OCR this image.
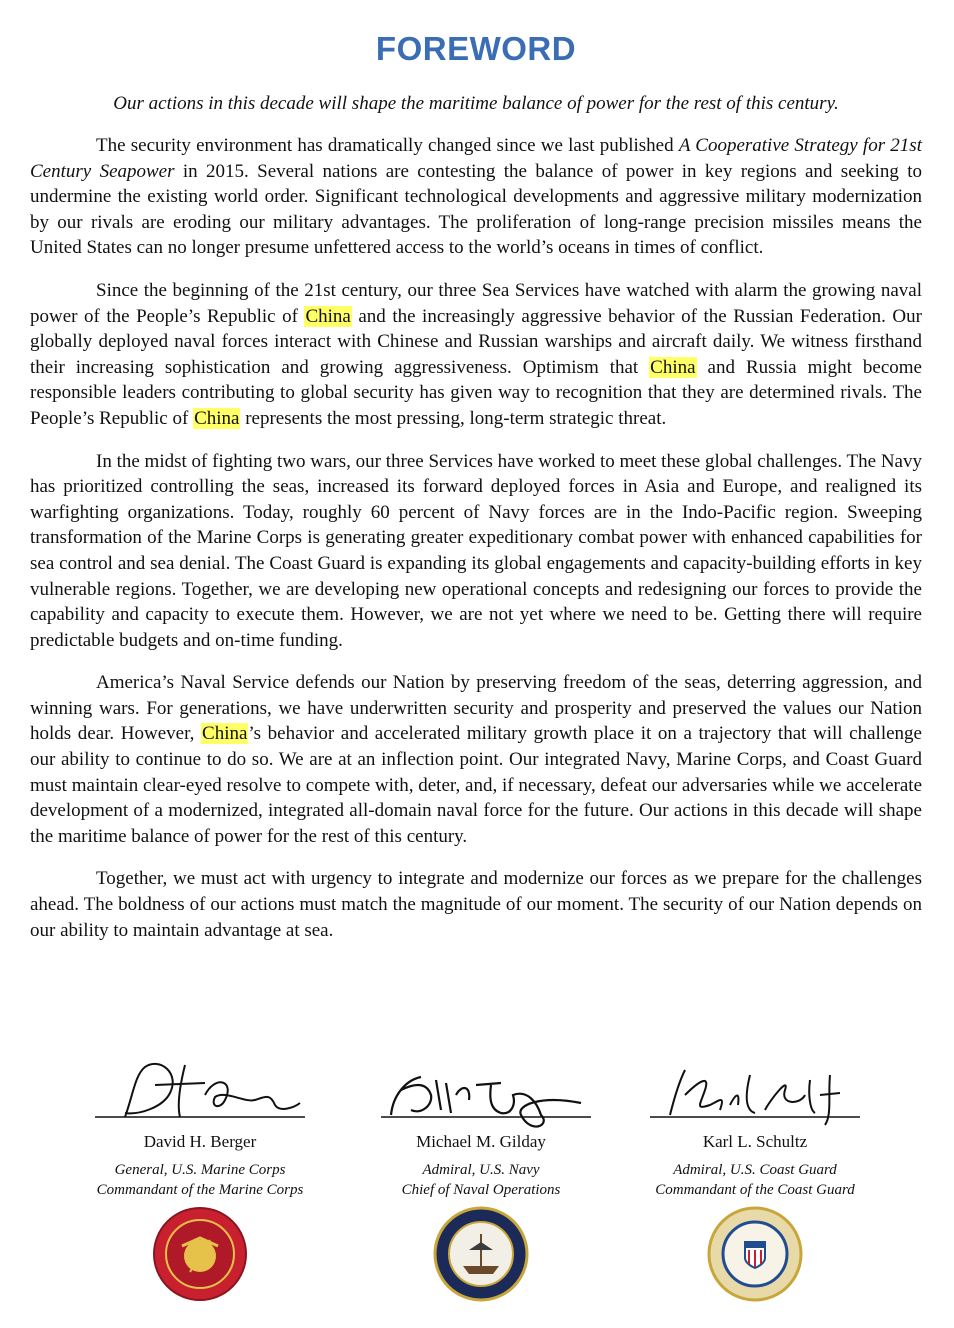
FOREWORD
Our actions in this decade will shape the maritime balance of power for the rest of this century.

The security environment has dramatically changed since we last published A Cooperative Strategy for 21st Century Seapower in 2015. Several nations are contesting the balance of power in key regions and seeking to undermine the existing world order. Significant technological developments and aggressive military modernization by our rivals are eroding our military advantages. The proliferation of long-range precision missiles means the United States can no longer presume unfettered access to the world’s oceans in times of conflict.

Since the beginning of the 21st century, our three Sea Services have watched with alarm the growing naval power of the People’s Republic of China and the increasingly aggressive behavior of the Russian Federation. Our globally deployed naval forces interact with Chinese and Russian warships and aircraft daily. We witness firsthand their increasing sophistication and growing aggressiveness. Optimism that China and Russia might become responsible leaders contributing to global security has given way to recognition that they are determined rivals. The People’s Republic of China represents the most pressing, long-term strategic threat.

In the midst of fighting two wars, our three Services have worked to meet these global challenges. The Navy has prioritized controlling the seas, increased its forward deployed forces in Asia and Europe, and realigned its warfighting organizations. Today, roughly 60 percent of Navy forces are in the Indo-Pacific region. Sweeping transformation of the Marine Corps is generating greater expeditionary combat power with enhanced capabilities for sea control and sea denial. The Coast Guard is expanding its global engagements and capacity-building efforts in key vulnerable regions. Together, we are developing new operational concepts and redesigning our forces to provide the capability and capacity to execute them. However, we are not yet where we need to be. Getting there will require predictable budgets and on-time funding.

America’s Naval Service defends our Nation by preserving freedom of the seas, deterring aggression, and winning wars. For generations, we have underwritten security and prosperity and preserved the values our Nation holds dear. However, China’s behavior and accelerated military growth place it on a trajectory that will challenge our ability to continue to do so. We are at an inflection point. Our integrated Navy, Marine Corps, and Coast Guard must maintain clear-eyed resolve to compete with, deter, and, if necessary, defeat our adversaries while we accelerate development of a modernized, integrated all-domain naval force for the future. Our actions in this decade will shape the maritime balance of power for the rest of this century.

Together, we must act with urgency to integrate and modernize our forces as we prepare for the challenges ahead. The boldness of our actions must match the magnitude of our moment. The security of our Nation depends on our ability to maintain advantage at sea.

David H. Berger
General, U.S. Marine Corps
Commandant of the Marine Corps
Michael M. Gilday
Admiral, U.S. Navy
Chief of Naval Operations
Karl L. Schultz
Admiral, U.S. Coast Guard
Commandant of the Coast Guard
